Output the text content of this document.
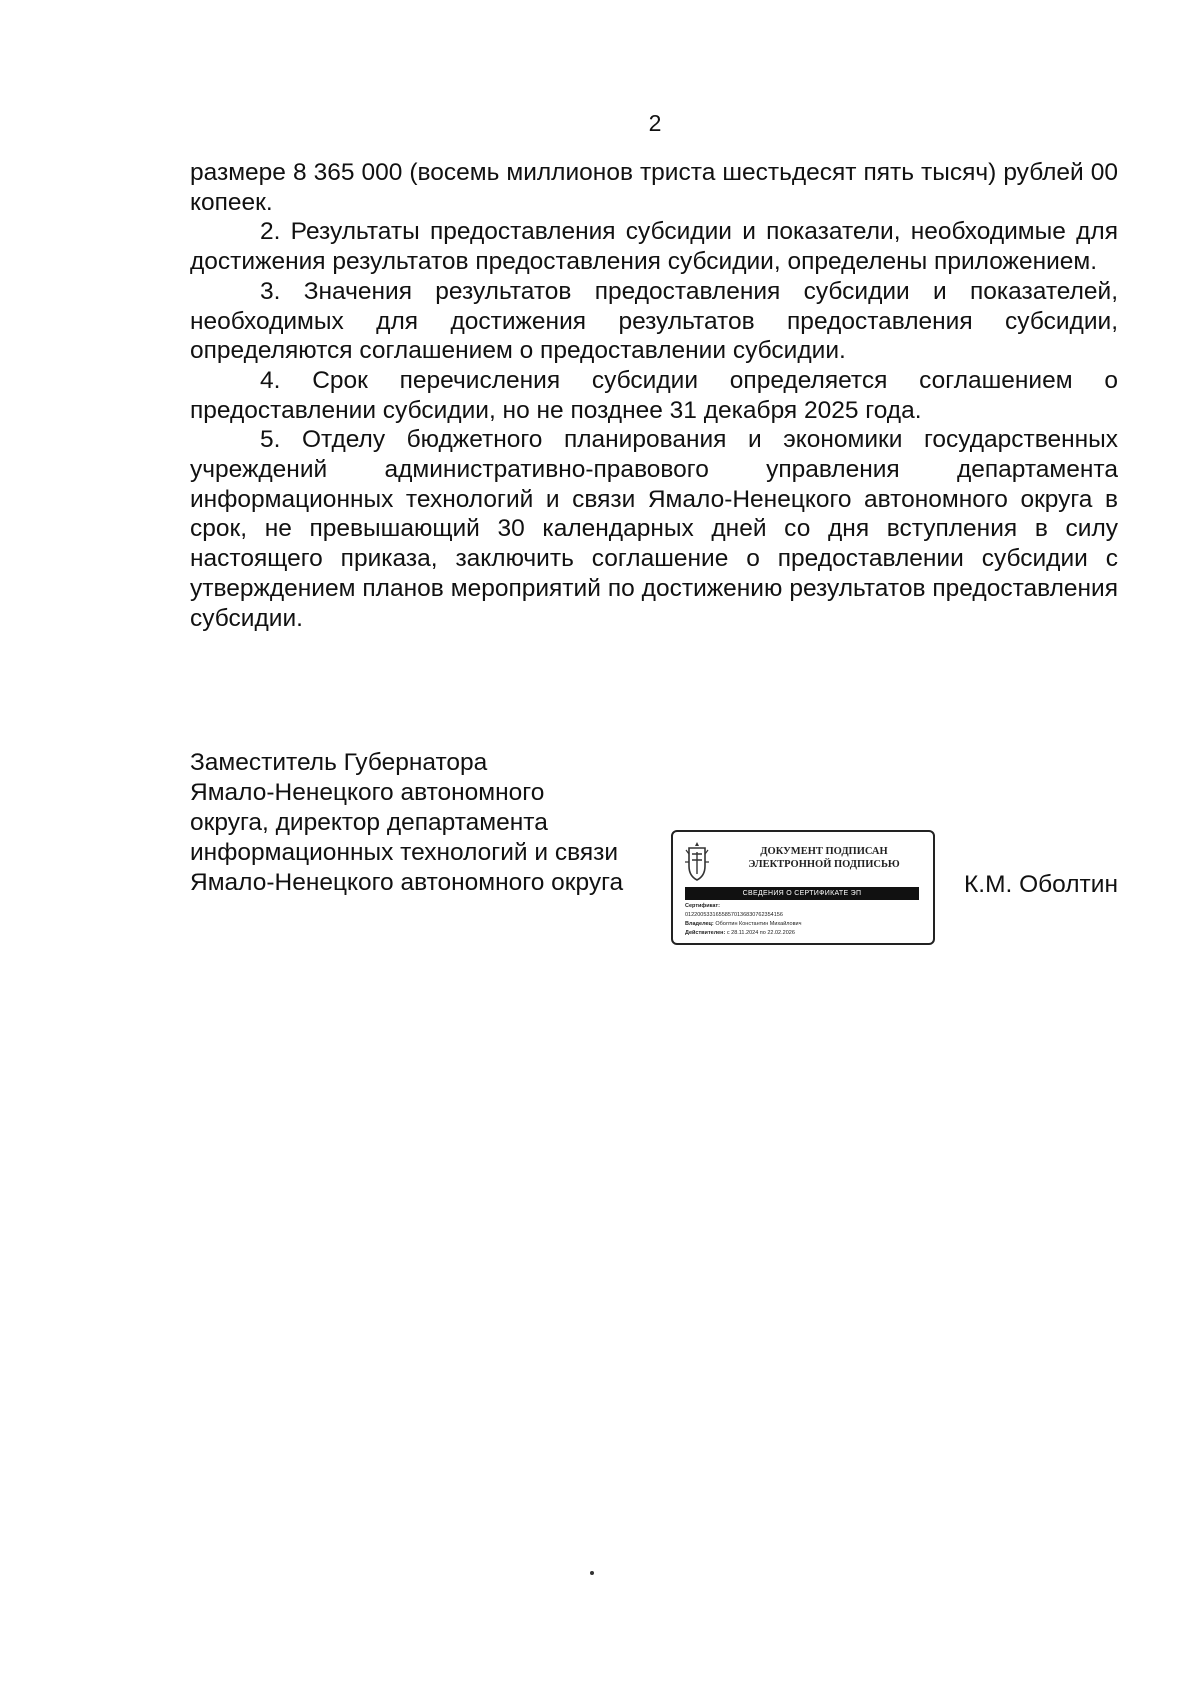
2

размере 8 365 000 (восемь миллионов триста шестьдесят пять тысяч) рублей 00 копеек.

2. Результаты предоставления субсидии и показатели, необходимые для достижения результатов предоставления субсидии, определены приложением.

3. Значения результатов предоставления субсидии и показателей, необходимых для достижения результатов предоставления субсидии, определяются соглашением о предоставлении субсидии.

4. Срок перечисления субсидии определяется соглашением о предоставлении субсидии, но не позднее 31 декабря 2025 года.

5. Отделу бюджетного планирования и экономики государственных учреждений административно-правового управления департамента информационных технологий и связи Ямало-Ненецкого автономного округа в срок, не превышающий 30 календарных дней со дня вступления в силу настоящего приказа, заключить соглашение о предоставлении субсидии с утверждением планов мероприятий по достижению результатов предоставления субсидии.

Заместитель Губернатора
Ямало-Ненецкого автономного
округа, директор департамента
информационных технологий и связи
Ямало-Ненецкого автономного округа
ДОКУМЕНТ ПОДПИСАН
ЭЛЕКТРОННОЙ ПОДПИСЬЮ
СВЕДЕНИЯ О СЕРТИФИКАТЕ ЭП
Сертификат:
01220053316558570136830762354156
Владелец: Оболтин Константин Михайлович
Действителен: с 28.11.2024 по 22.02.2026
К.М. Оболтин
